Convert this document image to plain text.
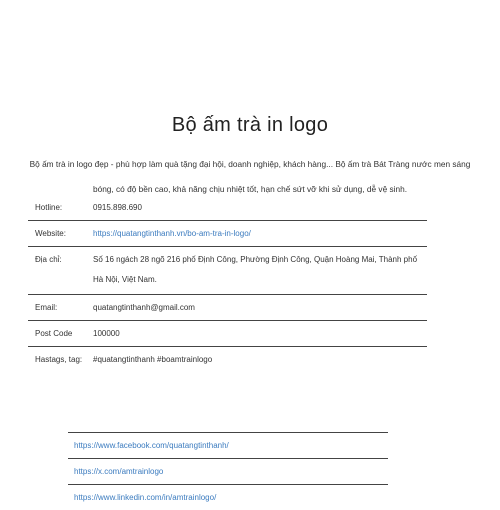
Bộ ấm trà in logo
Bộ ấm trà in logo đẹp - phù hợp làm quà tặng đại hội, doanh nghiệp, khách hàng... Bộ ấm trà Bát Tràng nước men sáng bóng, có độ bền cao, khả năng chịu nhiệt tốt, hạn chế sứt vỡ khi sử dụng, dễ vệ sinh.
Hotline:	0915.898.690
Website:	https://quatangtinthanh.vn/bo-am-tra-in-logo/
Địa chỉ:	Số 16 ngách 28 ngõ 216 phố Định Công, Phường Định Công, Quận Hoàng Mai, Thành phố Hà Nội, Việt Nam.
Email:	quatangtinthanh@gmail.com
Post Code	100000
Hastags, tag:	#quatangtinthanh #boamtrainlogo
https://www.facebook.com/quatangtinthanh/
https://x.com/amtrainlogo
https://www.linkedin.com/in/amtrainlogo/
